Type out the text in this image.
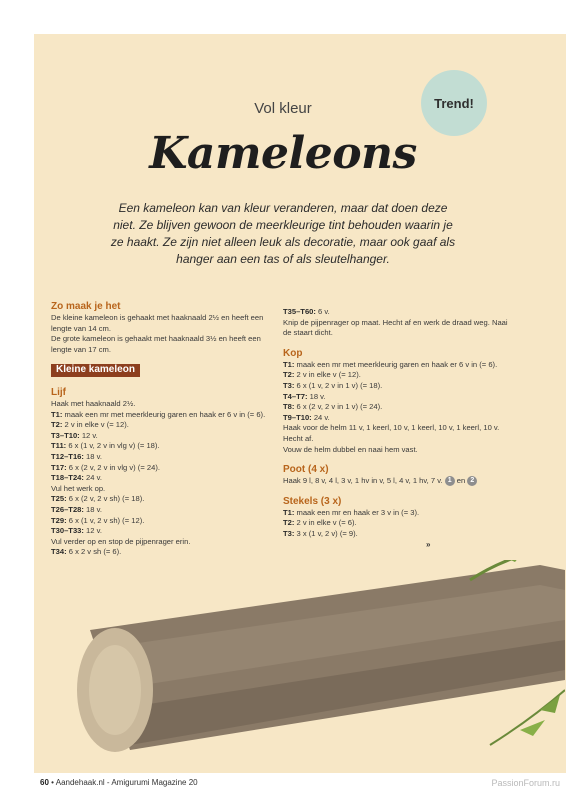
Trend!
Vol kleur
Kameleons
Een kameleon kan van kleur veranderen, maar dat doen deze niet. Ze blijven gewoon de meerkleurige tint behouden waarin je ze haakt. Ze zijn niet alleen leuk als decoratie, maar ook gaaf als hanger aan een tas of als sleutelhanger.
Zo maak je het
De kleine kameleon is gehaakt met haaknaald 2½ en heeft een lengte van 14 cm.
De grote kameleon is gehaakt met haaknaald 3½ en heeft een lengte van 17 cm.
Kleine kameleon
Lijf
Haak met haaknaald 2½.
T1: maak een mr met meerkleurig garen en haak er 6 v in (= 6).
T2: 2 v in elke v (= 12).
T3–T10: 12 v.
T11: 6 x (1 v, 2 v in vlg v) (= 18).
T12–T16: 18 v.
T17: 6 x (2 v, 2 v in vlg v) (= 24).
T18–T24: 24 v.
Vul het werk op.
T25: 6 x (2 v, 2 v sh) (= 18).
T26–T28: 18 v.
T29: 6 x (1 v, 2 v sh) (= 12).
T30–T33: 12 v.
Vul verder op en stop de pijpenrager erin.
T34: 6 x 2 v sh (= 6).
T35–T60: 6 v.
Knip de pijpenrager op maat. Hecht af en werk de draad weg. Naai de staart dicht.
Kop
T1: maak een mr met meerkleurig garen en haak er 6 v in (= 6).
T2: 2 v in elke v (= 12).
T3: 6 x (1 v, 2 v in 1 v) (= 18).
T4–T7: 18 v.
T8: 6 x (2 v, 2 v in 1 v) (= 24).
T9–T10: 24 v.
Haak voor de helm 11 v, 1 keerl, 10 v, 1 keerl, 10 v, 1 keerl, 10 v.
Hecht af.
Vouw de helm dubbel en naai hem vast.
Poot (4 x)
Haak 9 l, 8 v, 4 l, 3 v, 1 hv in v, 5 l, 4 v, 1 hv, 7 v. 1 en 2
Stekels (3 x)
T1: maak een mr en haak er 3 v in (= 3).
T2: 2 v in elke v (= 6).
T3: 3 x (1 v, 2 v) (= 9).
»
60 • Aandehaak.nl - Amigurumi Magazine 20	PassionForum.ru
